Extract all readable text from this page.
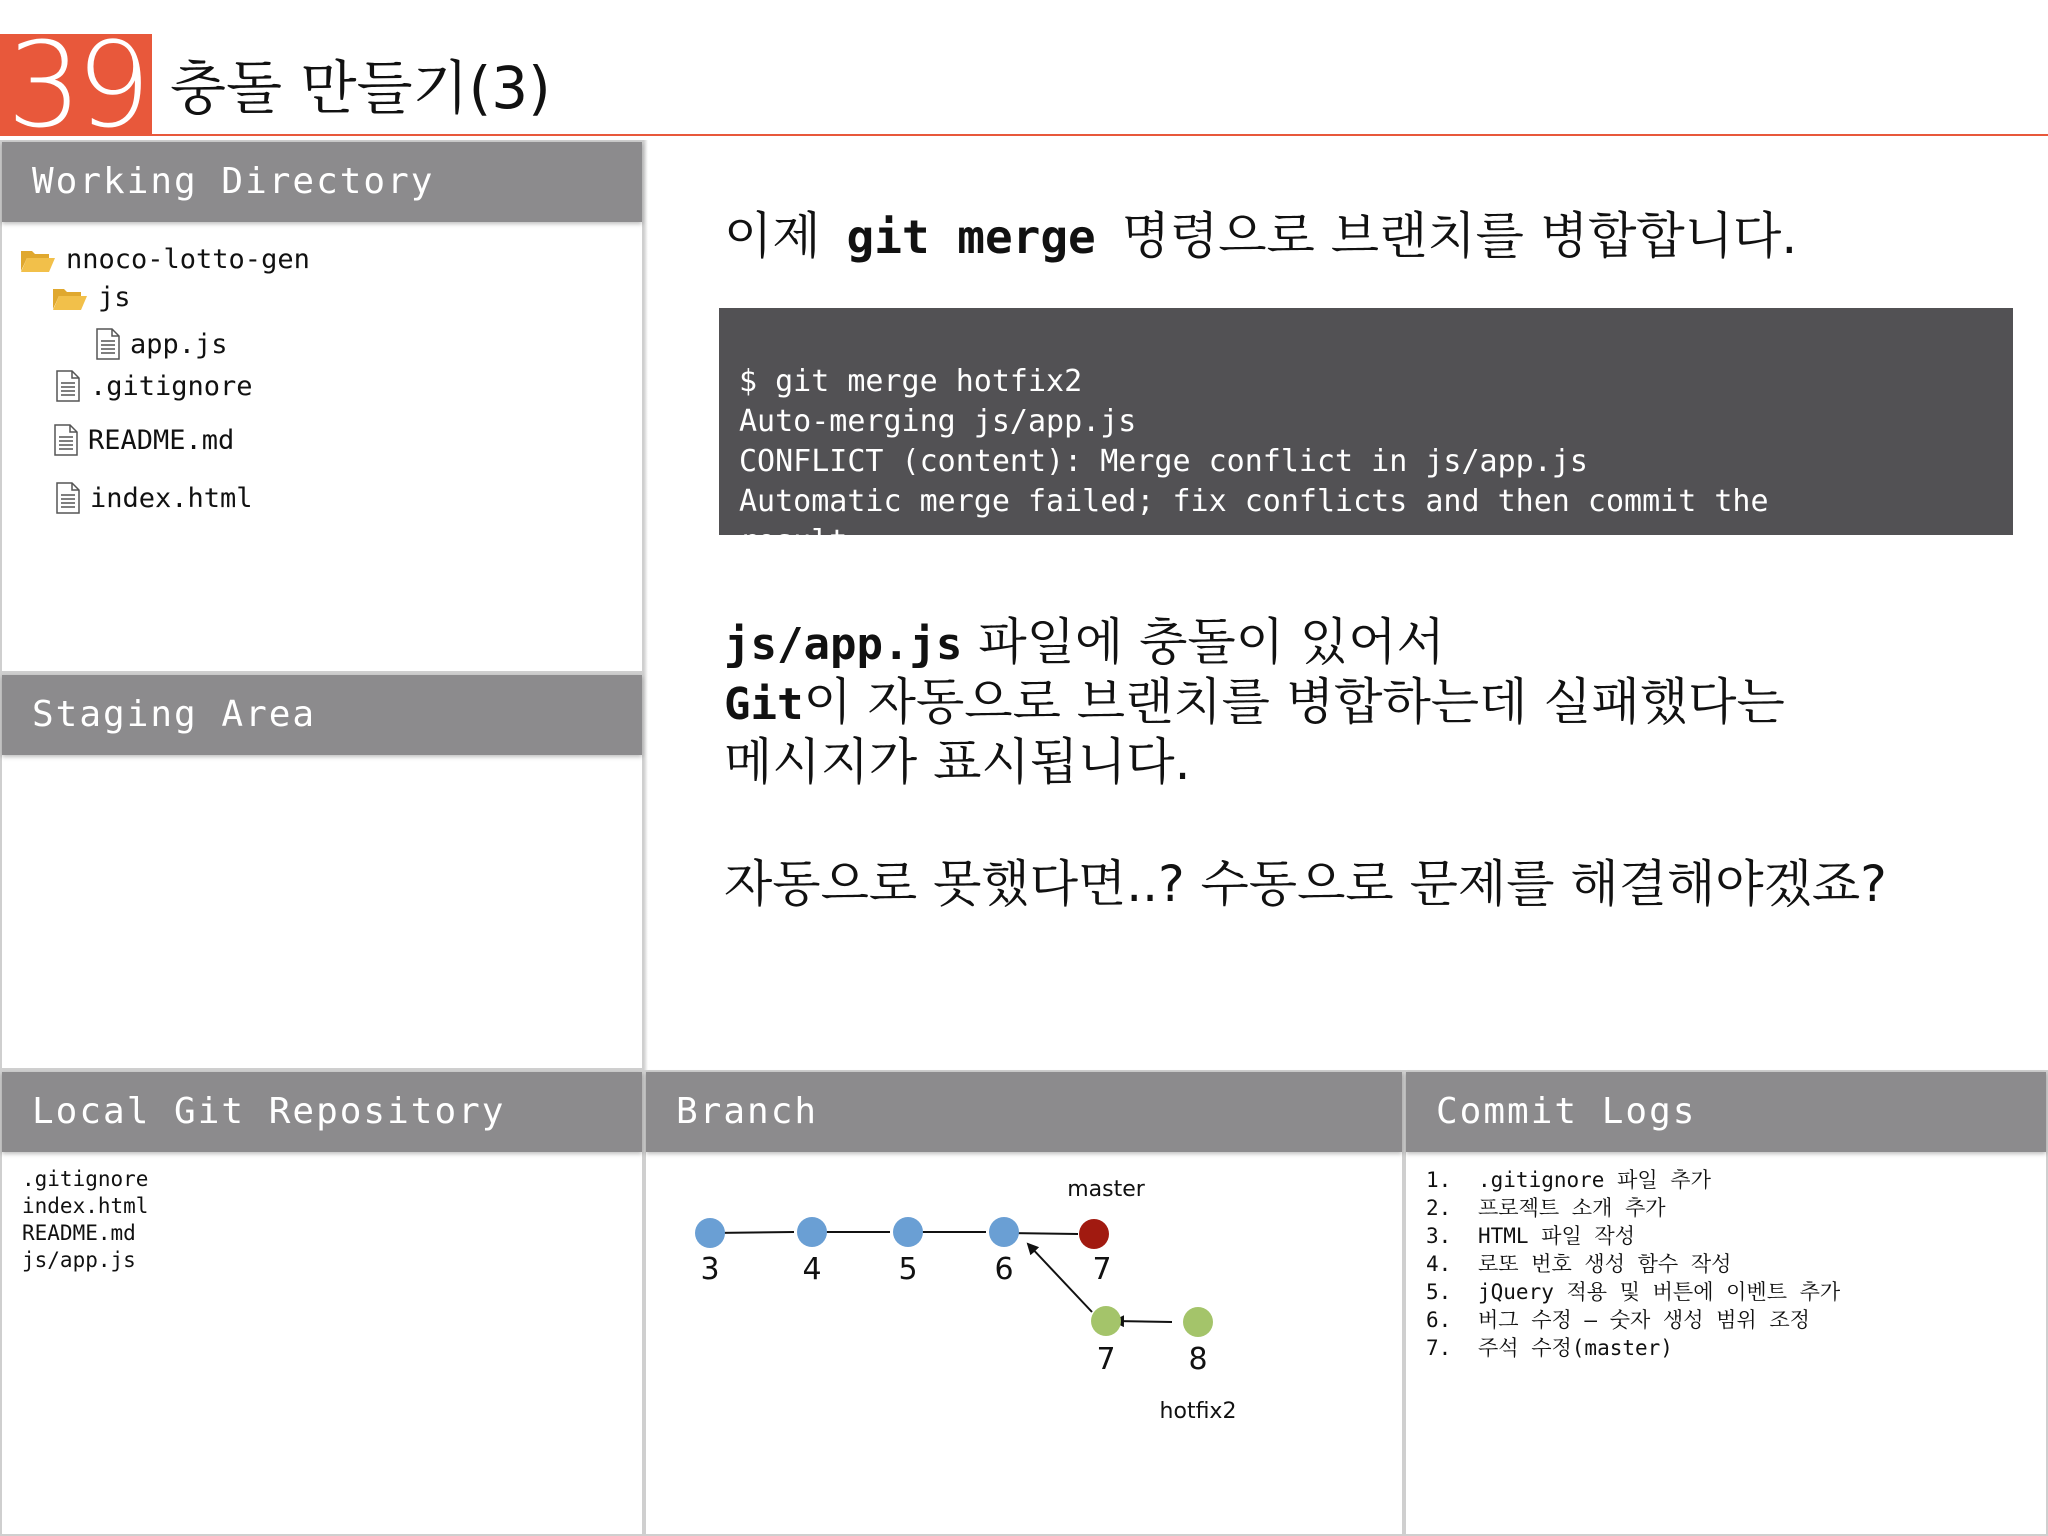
39 충돌 만들기(3)
Working Directory
nnoco-lotto-gen
js
app.js
.gitignore
README.md
index.html
Staging Area
이제 git merge 명령으로 브랜치를 병합합니다.

$ git merge hotfix2
Auto-merging js/app.js
CONFLICT (content): Merge conflict in js/app.js
Automatic merge failed; fix conflicts and then commit the
result.
js/app.js 파일에 충돌이 있어서
Git이 자동으로 브랜치를 병합하는데 실패했다는
메시지가 표시됩니다.
자동으로 못했다면..? 수동으로 문제를 해결해야겠죠?
Local Git Repository
.gitignore
index.html
README.md
js/app.js
Branch
3	4	5	6	7
7 8
master
hotfix2
Commit Logs
1.	.gitignore 파일 추가
2.	프로젝트 소개 추가
3.	HTML 파일 작성
4.	로또 번호 생성 함수 작성
5.	jQuery 적용 및 버튼에 이벤트 추가
6.	버그 수정 – 숫자 생성 범위 조정
7.	주석 수정(master)
